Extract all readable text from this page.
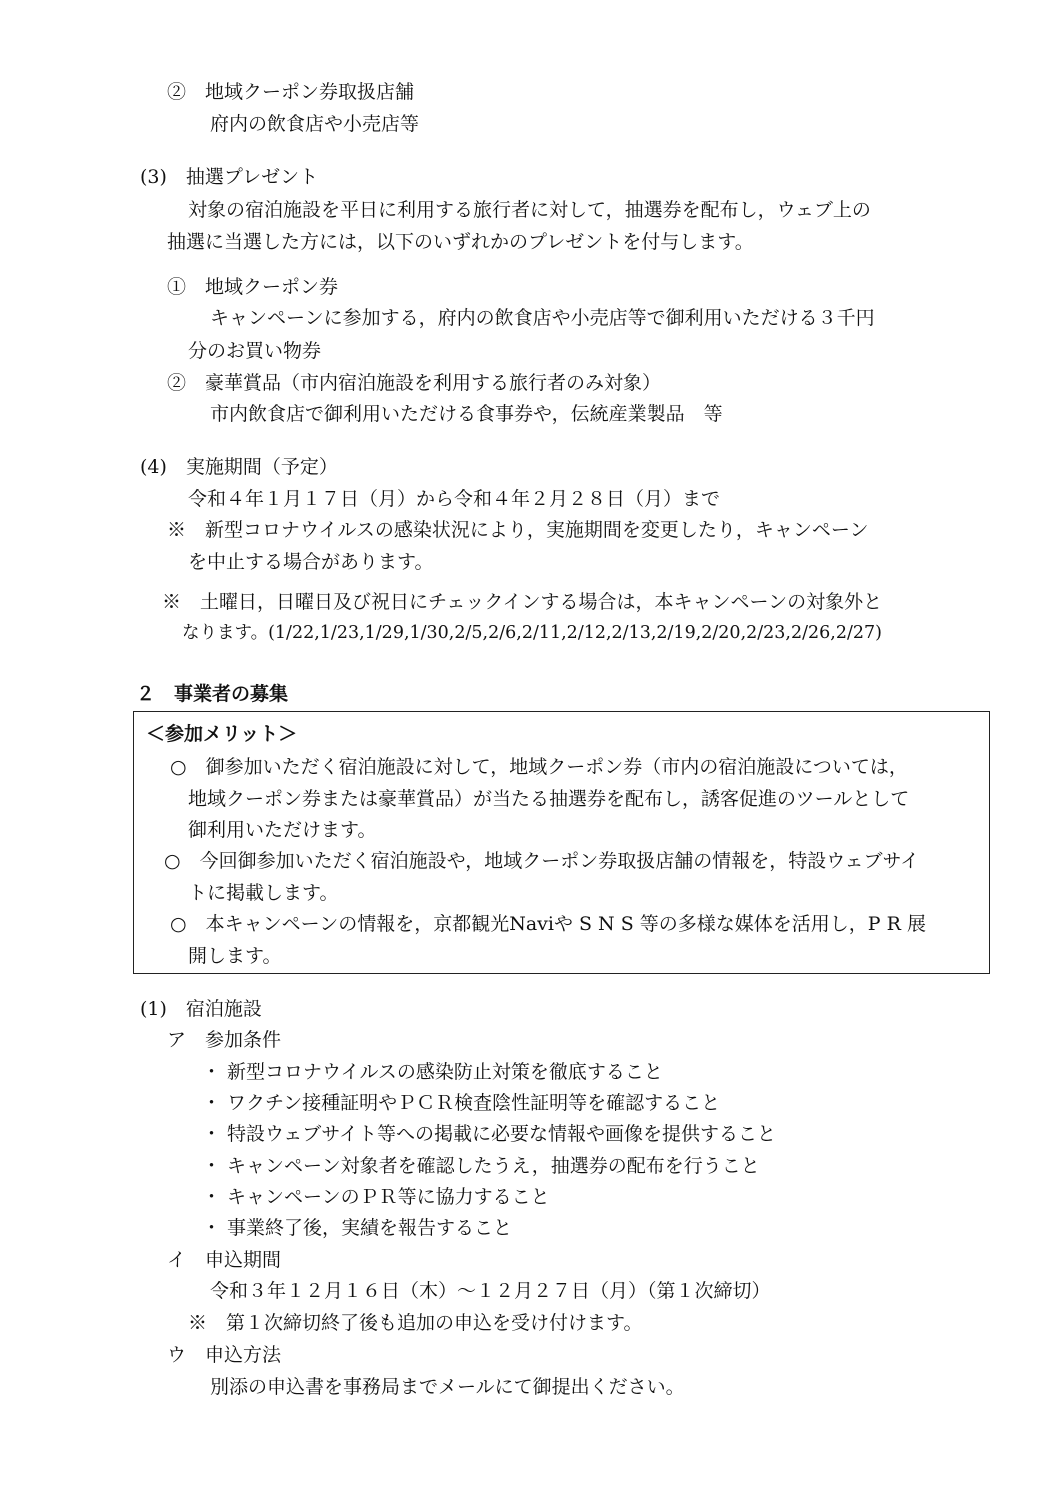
②　地域クーポン券取扱店舗
府内の飲食店や小売店等
(3)　抽選プレゼント
対象の宿泊施設を平日に利用する旅行者に対して，抽選券を配布し，ウェブ上の
抽選に当選した方には，以下のいずれかのプレゼントを付与します。
①　地域クーポン券
キャンペーンに参加する，府内の飲食店や小売店等で御利用いただける３千円
分のお買い物券
②　豪華賞品（市内宿泊施設を利用する旅行者のみ対象）
市内飲食店で御利用いただける食事券や，伝統産業製品　等
(4)　実施期間（予定）
令和４年１月１７日（月）から令和４年２月２８日（月）まで
※　新型コロナウイルスの感染状況により，実施期間を変更したり，キャンペーン
を中止する場合があります。
※　土曜日，日曜日及び祝日にチェックインする場合は，本キャンペーンの対象外と
なります。(1/22,1/23,1/29,1/30,2/5,2/6,2/11,2/12,2/13,2/19,2/20,2/23,2/26,2/27)
２　事業者の募集
＜参加メリット＞
○　御参加いただく宿泊施設に対して，地域クーポン券（市内の宿泊施設については，
地域クーポン券または豪華賞品）が当たる抽選券を配布し，誘客促進のツールとして
御利用いただけます。
○　今回御参加いただく宿泊施設や，地域クーポン券取扱店舗の情報を，特設ウェブサイ
トに掲載します。
○　本キャンペーンの情報を，京都観光Naviや S N S 等の多様な媒体を活用し，P R 展
開します。
(1)　宿泊施設
ア　参加条件
・ 新型コロナウイルスの感染防止対策を徹底すること
・ ワクチン接種証明やＰＣＲ検査陰性証明等を確認すること
・ 特設ウェブサイト等への掲載に必要な情報や画像を提供すること
・ キャンペーン対象者を確認したうえ，抽選券の配布を行うこと
・ キャンペーンのＰＲ等に協力すること
・ 事業終了後，実績を報告すること
イ　申込期間
令和３年１２月１６日（木）～１２月２７日（月）（第１次締切）
※　第１次締切終了後も追加の申込を受け付けます。
ウ　申込方法
別添の申込書を事務局までメールにて御提出ください。
